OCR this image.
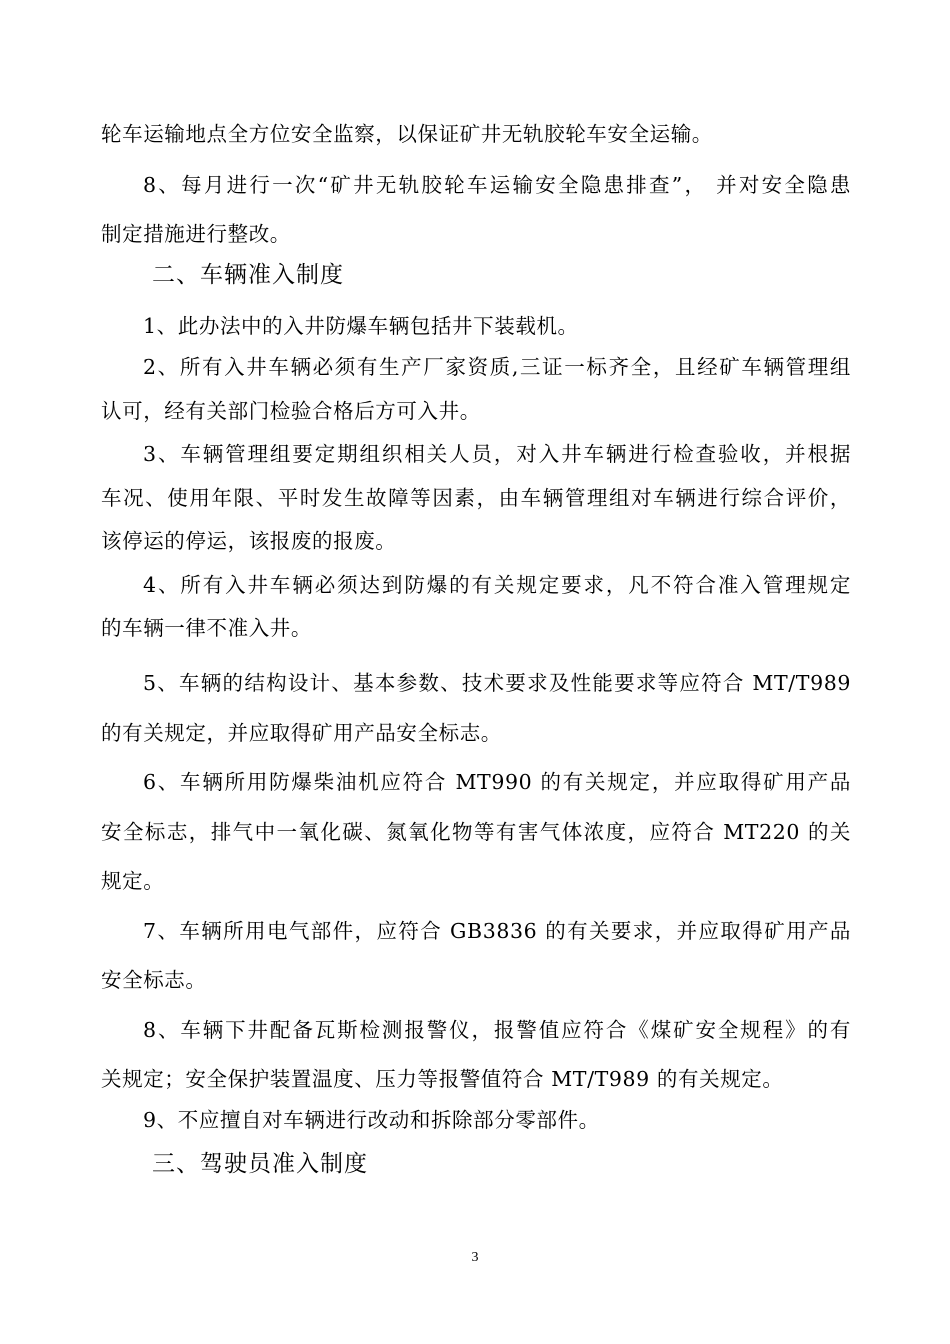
轮车运输地点全方位安全监察，以保证矿井无轨胶轮车安全运输。
8、每月进行一次“矿井无轨胶轮车运输安全隐患排查”， 并对安全隐患
制定措施进行整改。
二、车辆准入制度
1、此办法中的入井防爆车辆包括井下装载机。
2、所有入井车辆必须有生产厂家资质,三证一标齐全，且经矿车辆管理组
认可，经有关部门检验合格后方可入井。
3、车辆管理组要定期组织相关人员，对入井车辆进行检查验收，并根据
车况、使用年限、平时发生故障等因素，由车辆管理组对车辆进行综合评价，
该停运的停运，该报废的报废。
4、所有入井车辆必须达到防爆的有关规定要求，凡不符合准入管理规定
的车辆一律不准入井。
5、车辆的结构设计、基本参数、技术要求及性能要求等应符合 MT/T989
的有关规定，并应取得矿用产品安全标志。
6、车辆所用防爆柴油机应符合 MT990 的有关规定，并应取得矿用产品
安全标志，排气中一氧化碳、氮氧化物等有害气体浓度，应符合 MT220 的关
规定。
7、车辆所用电气部件，应符合 GB3836 的有关要求，并应取得矿用产品
安全标志。
8、车辆下井配备瓦斯检测报警仪，报警值应符合《煤矿安全规程》的有
关规定；安全保护装置温度、压力等报警值符合 MT/T989 的有关规定。
9、不应擅自对车辆进行改动和拆除部分零部件。
三、驾驶员准入制度
3
